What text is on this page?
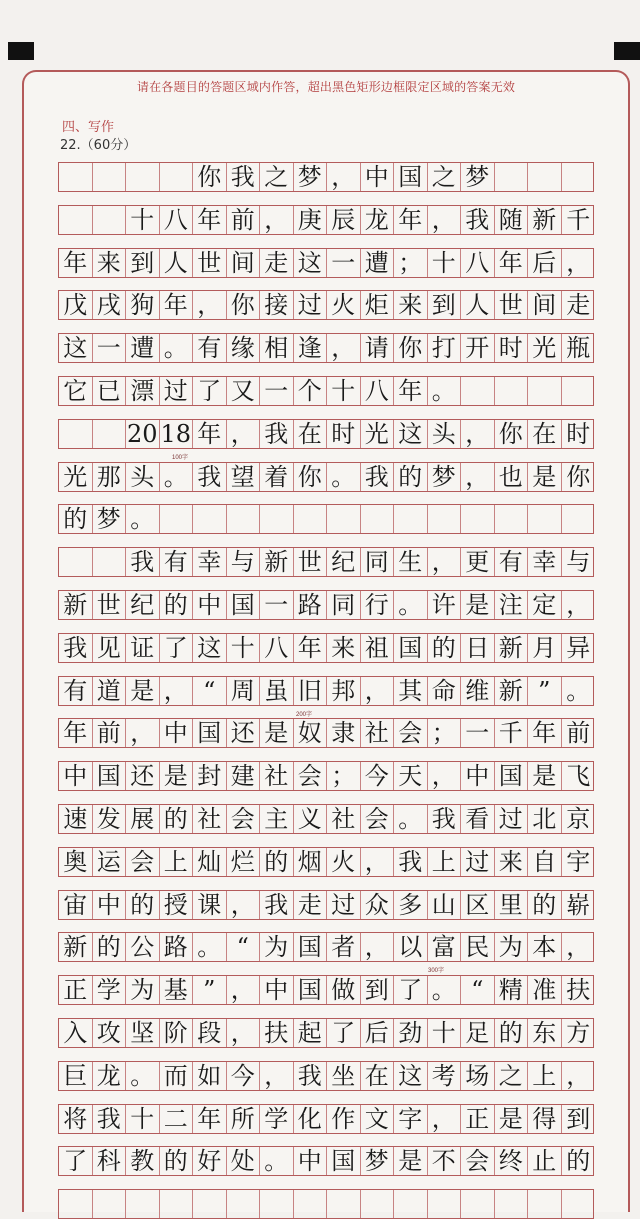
请在各题目的答题区域内作答，超出黑色矩形边框限定区域的答案无效
四、写作
22.（60分）
你 我 之 梦 ， 中 国 之 梦
十 八 年 前 ， 庚 辰 龙 年 ， 我 随 新 千
年 来 到 人 世 间 走 这 一 遭 ； 十 八 年 后 ，
戊 戌 狗 年 ， 你 接 过 火 炬 来 到 人 世 间 走
这 一 遭 。 有 缘 相 逢 ， 请 你 打 开 时 光 瓶
它 已 漂 过 了 又 一 个 十 八 年 。
20 18 年 ， 我 在 时 光 这 头 ， 你 在 时
光 那 头 。 我 望 着 你 。 我 的 梦 ， 也 是 你
的 梦 。
我 有 幸 与 新 世 纪 同 生 ， 更 有 幸 与
新 世 纪 的 中 国 一 路 同 行 。 许 是 注 定 ，
我 见 证 了 这 十 八 年 来 祖 国 的 日 新 月 异
有 道 是 ， “ 周 虽 旧 邦 ， 其 命 维 新 ” 。
年 前 ， 中 国 还 是 奴 隶 社 会 ； 一 千 年 前
中 国 还 是 封 建 社 会 ； 今 天 ， 中 国 是 飞
速 发 展 的 社 会 主 义 社 会 。 我 看 过 北 京
奥 运 会 上 灿 烂 的 烟 火 ， 我 上 过 来 自 宇
宙 中 的 授 课 ， 我 走 过 众 多 山 区 里 的 崭
新 的 公 路 。 “ 为 国 者 ， 以 富 民 为 本 ，
正 学 为 基 ” ， 中 国 做 到 了 。 “ 精 准 扶
入 攻 坚 阶 段 ， 扶 起 了 后 劲 十 足 的 东 方
巨 龙 。 而 如 今 ， 我 坐 在 这 考 场 之 上 ，
将 我 十 二 年 所 学 化 作 文 字 ， 正 是 得 到
了 科 教 的 好 处 。 中 国 梦 是 不 会 终 止 的
100字
200字
300字
